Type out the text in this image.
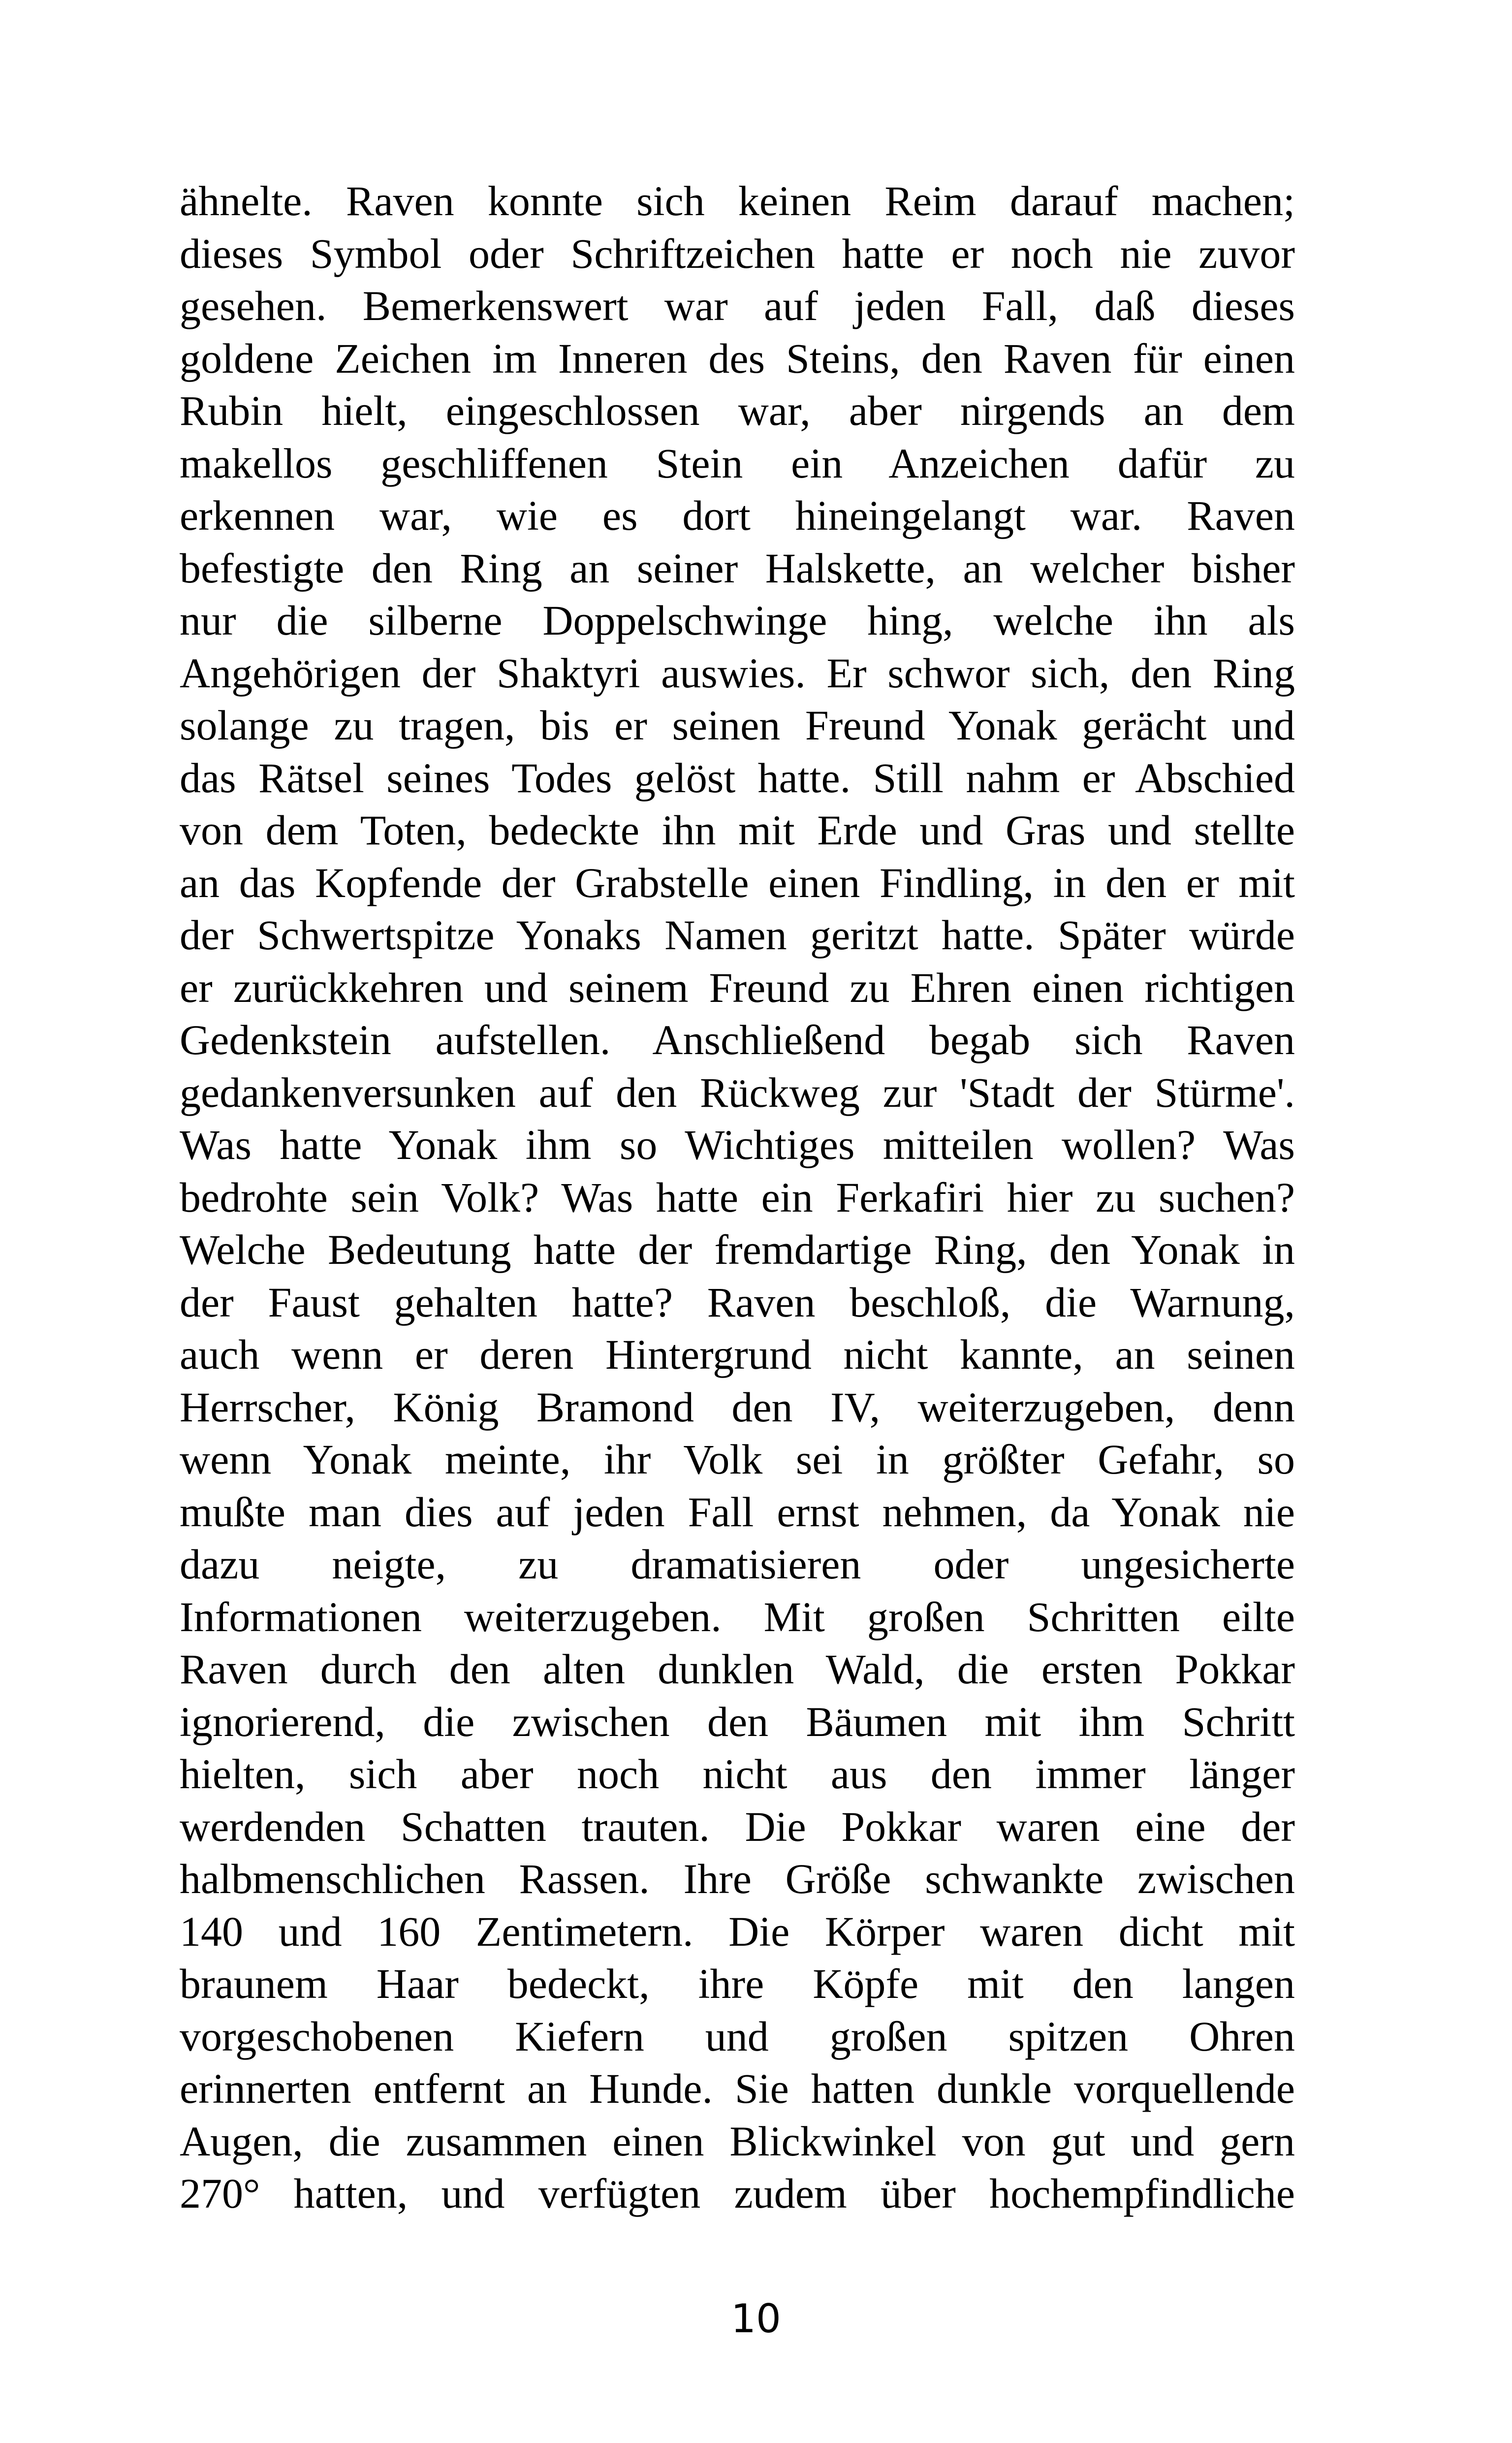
ähnelte. Raven konnte sich keinen Reim darauf machen;
dieses Symbol oder Schriftzeichen hatte er noch nie zuvor
gesehen. Bemerkenswert war auf jeden Fall, daß dieses
goldene Zeichen im Inneren des Steins, den Raven für einen
Rubin hielt, eingeschlossen war, aber nirgends an dem
makellos geschliffenen Stein ein Anzeichen dafür zu
erkennen war, wie es dort hineingelangt war. Raven
befestigte den Ring an seiner Halskette, an welcher bisher
nur die silberne Doppelschwinge hing, welche ihn als
Angehörigen der Shaktyri auswies. Er schwor sich, den Ring
solange zu tragen, bis er seinen Freund Yonak gerächt und
das Rätsel seines Todes gelöst hatte. Still nahm er Abschied
von dem Toten, bedeckte ihn mit Erde und Gras und stellte
an das Kopfende der Grabstelle einen Findling, in den er mit
der Schwertspitze Yonaks Namen geritzt hatte. Später würde
er zurückkehren und seinem Freund zu Ehren einen richtigen
Gedenkstein aufstellen. Anschließend begab sich Raven
gedankenversunken auf den Rückweg zur 'Stadt der Stürme'.
Was hatte Yonak ihm so Wichtiges mitteilen wollen? Was
bedrohte sein Volk? Was hatte ein Ferkafiri hier zu suchen?
Welche Bedeutung hatte der fremdartige Ring, den Yonak in
der Faust gehalten hatte? Raven beschloß, die Warnung,
auch wenn er deren Hintergrund nicht kannte, an seinen
Herrscher, König Bramond den IV, weiterzugeben, denn
wenn Yonak meinte, ihr Volk sei in größter Gefahr, so
mußte man dies auf jeden Fall ernst nehmen, da Yonak nie
dazu neigte, zu dramatisieren oder ungesicherte
Informationen weiterzugeben. Mit großen Schritten eilte
Raven durch den alten dunklen Wald, die ersten Pokkar
ignorierend, die zwischen den Bäumen mit ihm Schritt
hielten, sich aber noch nicht aus den immer länger
werdenden Schatten trauten. Die Pokkar waren eine der
halbmenschlichen Rassen. Ihre Größe schwankte zwischen
140 und 160 Zentimetern. Die Körper waren dicht mit
braunem Haar bedeckt, ihre Köpfe mit den langen
vorgeschobenen Kiefern und großen spitzen Ohren
erinnerten entfernt an Hunde. Sie hatten dunkle vorquellende
Augen, die zusammen einen Blickwinkel von gut und gern
270° hatten, und verfügten zudem über hochempfindliche
10
